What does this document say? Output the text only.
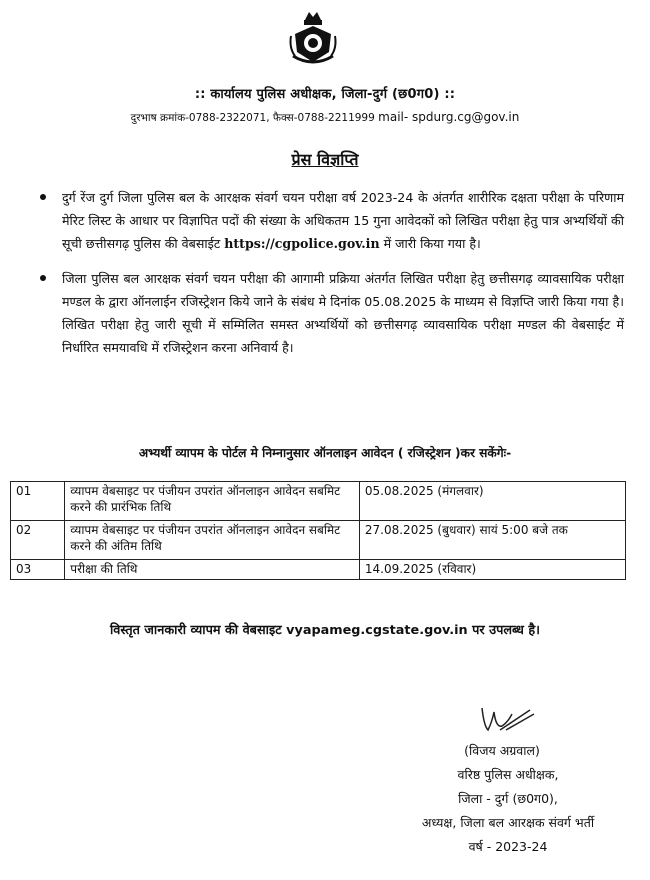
:: कार्यालय पुलिस अधीक्षक, जिला-दुर्ग (छ0ग0) ::
दुरभाष क्रमांक-0788-2322071, फैक्स-0788-2211999 mail- spdurg.cg@gov.in
प्रेस विज्ञप्ति
दुर्ग रेंज दुर्ग जिला पुलिस बल के आरक्षक संवर्ग चयन परीक्षा वर्ष 2023-24 के अंतर्गत शारीरिक दक्षता परीक्षा के परिणाम मेरिट लिस्ट के आधार पर विज्ञापित पदों की संख्या के अधिकतम 15 गुना आवेदकों को लिखित परीक्षा हेतु पात्र अभ्यर्थियों की सूची छत्तीसगढ़ पुलिस की वेबसाईट https://cgpolice.gov.in में जारी किया गया है।
जिला पुलिस बल आरक्षक संवर्ग चयन परीक्षा की आगामी प्रक्रिया अंतर्गत लिखित परीक्षा हेतु छत्तीसगढ़ व्यावसायिक परीक्षा मण्डल के द्वारा ऑनलाईन रजिस्ट्रेशन किये जाने के संबंध मे दिनांक 05.08.2025 के माध्यम से विज्ञप्ति जारी किया गया है। लिखित परीक्षा हेतु जारी सूची में सम्मिलित समस्त अभ्यर्थियों को छत्तीसगढ़ व्यावसायिक परीक्षा मण्डल की वेबसाईट में निर्धारित समयावधि में रजिस्ट्रेशन करना अनिवार्य है।
अभ्यर्थी व्यापम के पोर्टल मे निम्नानुसार ऑनलाइन आवेदन ( रजिस्ट्रेशन )कर सकेंगेः-
01	व्यापम वेबसाइट पर पंजीयन उपरांत ऑनलाइन आवेदन सबमिट करने की प्रारंभिक तिथि	05.08.2025 (मंगलवार)
02	व्यापम वेबसाइट पर पंजीयन उपरांत ऑनलाइन आवेदन सबमिट करने की अंतिम तिथि	27.08.2025 (बुधवार) सायं 5:00 बजे तक
03	परीक्षा की तिथि	14.09.2025 (रविवार)
विस्तृत जानकारी व्यापम की वेबसाइट vyapameg.cgstate.gov.in पर उपलब्ध है।
(विजय अग्रवाल)
वरिष्ठ पुलिस अधीक्षक,
जिला - दुर्ग (छ0ग0),
अध्यक्ष, जिला बल आरक्षक संवर्ग भर्ती
वर्ष - 2023-24
